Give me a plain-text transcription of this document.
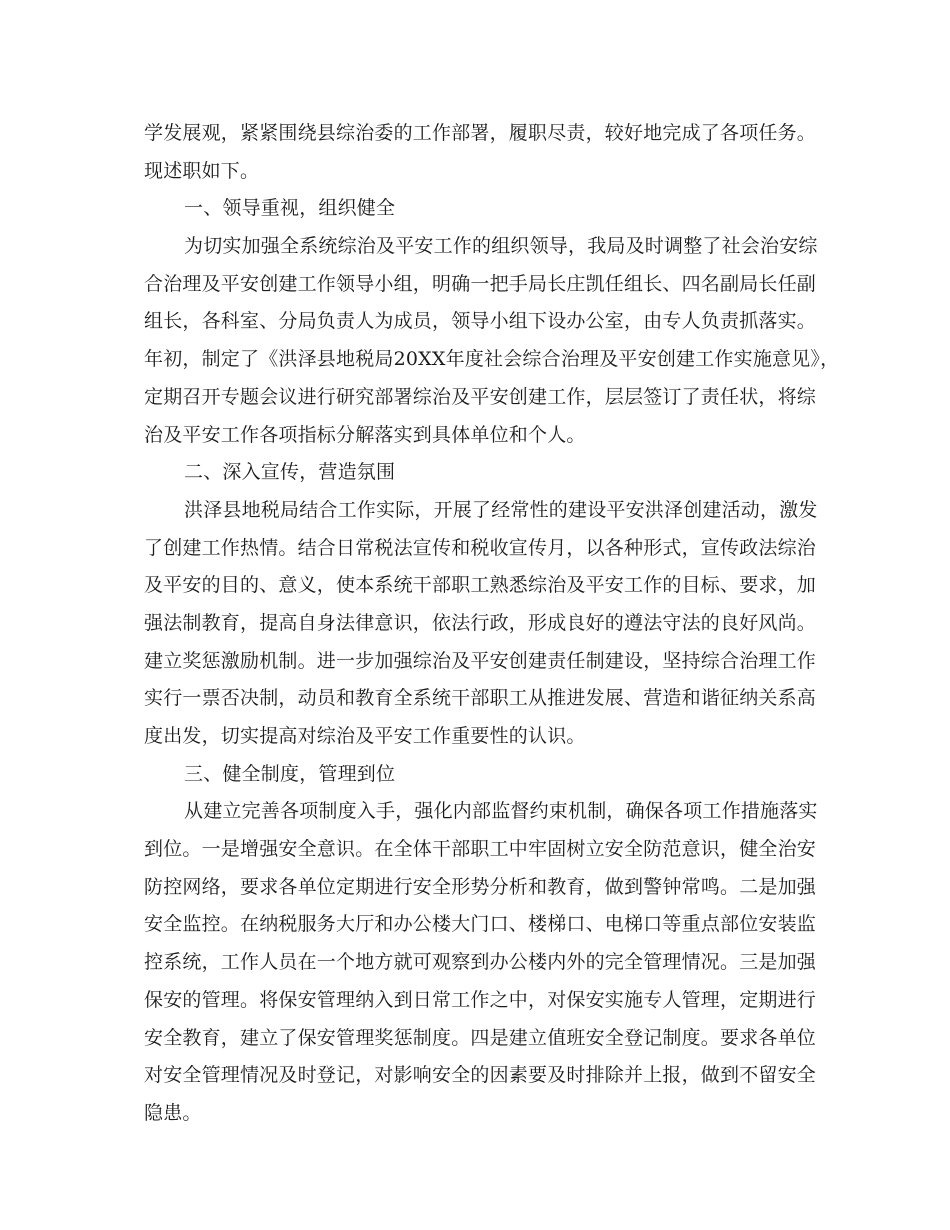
学发展观，紧紧围绕县综治委的工作部署，履职尽责，较好地完成了各项任务。
现述职如下。
一、领导重视，组织健全
为切实加强全系统综治及平安工作的组织领导，我局及时调整了社会治安综
合治理及平安创建工作领导小组，明确一把手局长庄凯任组长、四名副局长任副
组长，各科室、分局负责人为成员，领导小组下设办公室，由专人负责抓落实。
年初，制定了《洪泽县地税局20XX年度社会综合治理及平安创建工作实施意见》，
定期召开专题会议进行研究部署综治及平安创建工作，层层签订了责任状，将综
治及平安工作各项指标分解落实到具体单位和个人。
二、深入宣传，营造氛围
洪泽县地税局结合工作实际，开展了经常性的建设平安洪泽创建活动，激发
了创建工作热情。结合日常税法宣传和税收宣传月，以各种形式，宣传政法综治
及平安的目的、意义，使本系统干部职工熟悉综治及平安工作的目标、要求，加
强法制教育，提高自身法律意识，依法行政，形成良好的遵法守法的良好风尚。
建立奖惩激励机制。进一步加强综治及平安创建责任制建设，坚持综合治理工作
实行一票否决制，动员和教育全系统干部职工从推进发展、营造和谐征纳关系高
度出发，切实提高对综治及平安工作重要性的认识。
三、健全制度，管理到位
从建立完善各项制度入手，强化内部监督约束机制，确保各项工作措施落实
到位。一是增强安全意识。在全体干部职工中牢固树立安全防范意识，健全治安
防控网络，要求各单位定期进行安全形势分析和教育，做到警钟常鸣。二是加强
安全监控。在纳税服务大厅和办公楼大门口、楼梯口、电梯口等重点部位安装监
控系统，工作人员在一个地方就可观察到办公楼内外的完全管理情况。三是加强
保安的管理。将保安管理纳入到日常工作之中，对保安实施专人管理，定期进行
安全教育，建立了保安管理奖惩制度。四是建立值班安全登记制度。要求各单位
对安全管理情况及时登记，对影响安全的因素要及时排除并上报，做到不留安全
隐患。
